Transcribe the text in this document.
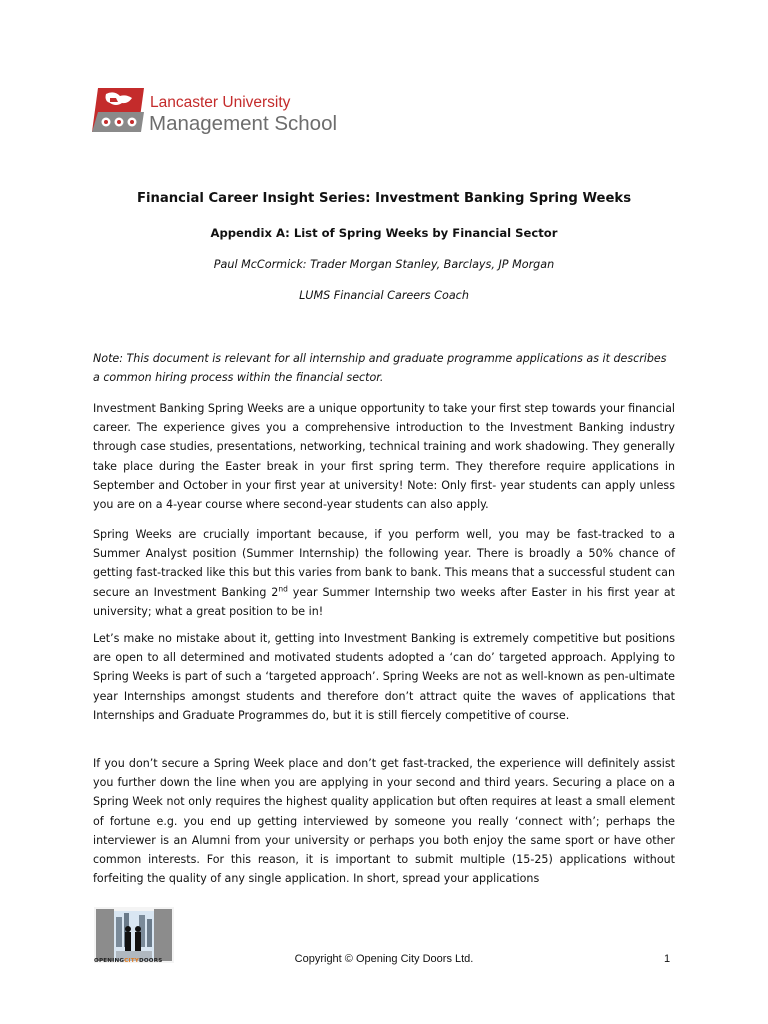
Lancaster University
Management School
Financial Career Insight Series: Investment Banking Spring Weeks
Appendix A: List of Spring Weeks by Financial Sector
Paul McCormick: Trader Morgan Stanley, Barclays, JP Morgan
LUMS Financial Careers Coach
Note: This document is relevant for all internship and graduate programme applications as it describes a common hiring process within the financial sector.

Investment Banking Spring Weeks are a unique opportunity to take your first step towards your financial career. The experience gives you a comprehensive introduction to the Investment Banking industry through case studies, presentations, networking, technical training and work shadowing. They generally take place during the Easter break in your first spring term. They therefore require applications in September and October in your first year at university! Note: Only first- year students can apply unless you are on a 4-year course where second-year students can also apply.

Spring Weeks are crucially important because, if you perform well, you may be fast-tracked to a Summer Analyst position (Summer Internship) the following year. There is broadly a 50% chance of getting fast-tracked like this but this varies from bank to bank. This means that a successful student can secure an Investment Banking 2nd year Summer Internship two weeks after Easter in his first year at university; what a great position to be in!

Let’s make no mistake about it, getting into Investment Banking is extremely competitive but positions are open to all determined and motivated students adopted a ‘can do’ targeted approach. Applying to Spring Weeks is part of such a ‘targeted approach’. Spring Weeks are not as well-known as pen-ultimate year Internships amongst students and therefore don’t attract quite the waves of applications that Internships and Graduate Programmes do, but it is still fiercely competitive of course.

If you don’t secure a Spring Week place and don’t get fast-tracked, the experience will definitely assist you further down the line when you are applying in your second and third years. Securing a place on a Spring Week not only requires the highest quality application but often requires at least a small element of fortune e.g. you end up getting interviewed by someone you really ‘connect with’; perhaps the interviewer is an Alumni from your university or perhaps you both enjoy the same sport or have other common interests. For this reason, it is important to submit multiple (15-25) applications without forfeiting the quality of any single application. In short, spread your applications

OPENINGCITYDOORS	Copyright © Opening City Doors Ltd.	1
